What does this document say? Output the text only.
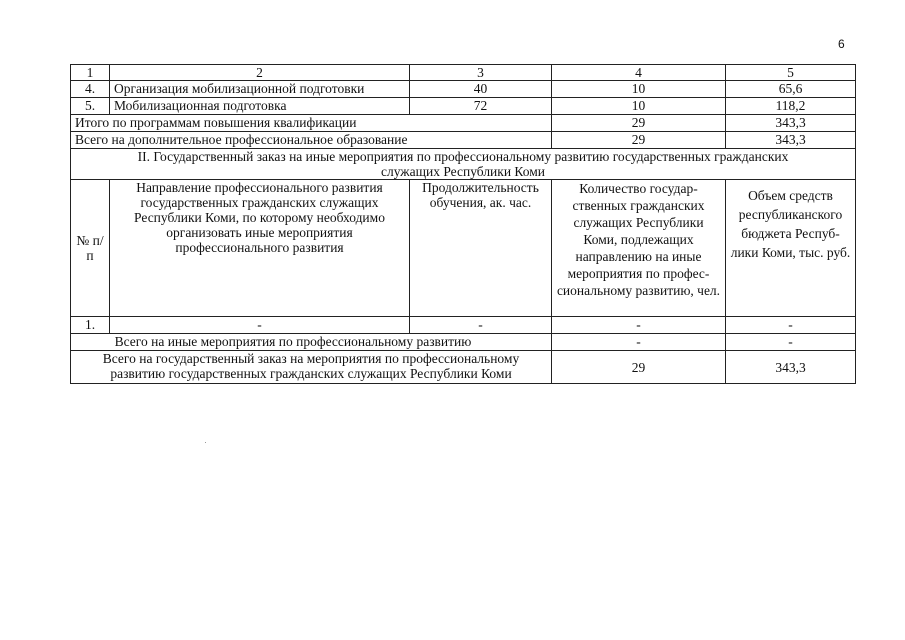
6
1	2	3	4	5
4.	Организация мобилизационной подготовки	40	10	65,6
5.	Мобилизационная подготовка	72	10	118,2
Итого по программам повышения квалификации			29	343,3
Всего на дополнительное профессиональное образование			29	343,3
II. Государственный заказ на иные мероприятия по профессиональному развитию государственных гражданских служащих Республики Коми				
№ п/п	Направление профессионального развития государственных гражданских служащих Республики Коми, по которому необходимо организовать иные мероприятия профессионального развития	Продолжительность обучения, ак. час.	Количество государ-ственных гражданских служащих Республики Коми, подлежащих направлению на иные мероприятия по профес-сиональному развитию, чел.	Объем средств республиканского бюджета Респуб-лики Коми, тыс. руб.
1.	-	-	-	-
Всего на иные мероприятия по профессиональному развитию			-	-
Всего на государственный заказ на мероприятия по профессиональному развитию государственных гражданских служащих Республики Коми			29	343,3
